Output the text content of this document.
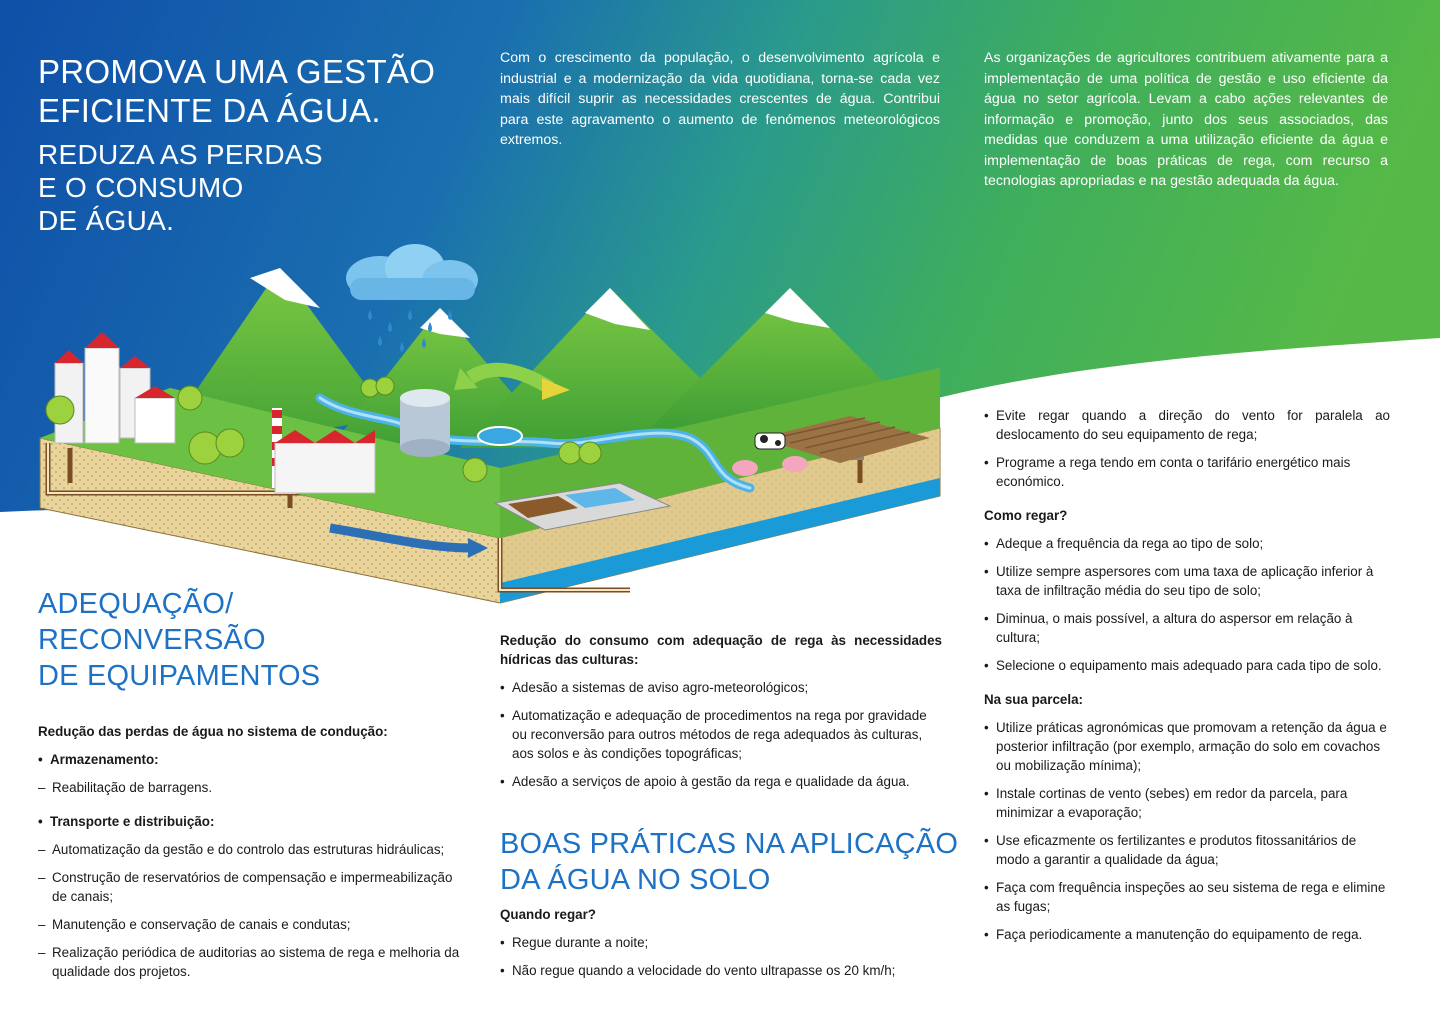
PROMOVA UMA GESTÃO
EFICIENTE DA ÁGUA.
REDUZA AS PERDAS
E O CONSUMO
DE ÁGUA.
Com o crescimento da população, o desenvolvimento agrícola e industrial e a modernização da vida quotidiana, torna-se cada vez mais difícil suprir as necessidades crescentes de água. Contribui para este agravamento o aumento de fenómenos meteorológicos extremos.
As organizações de agricultores contribuem ativamente para a implementação de uma política de gestão e uso eficiente da água no setor agrícola. Levam a cabo ações relevantes de informação e promoção, junto dos seus associados, das medidas que conduzem a uma utilização eficiente da água e implementação de boas práticas de rega, com recurso a tecnologias apropriadas e na gestão adequada da água.
ADEQUAÇÃO/
RECONVERSÃO
DE EQUIPAMENTOS
Redução das perdas de água no sistema de condução:
• Armazenamento:
– Reabilitação de barragens.
• Transporte e distribuição:
– Automatização da gestão e do controlo das estruturas hidráulicas;
– Construção de reservatórios de compensação e impermeabilização de canais;
– Manutenção e conservação de canais e condutas;
– Realização periódica de auditorias ao sistema de rega e melhoria da qualidade dos projetos.
Redução do consumo com adequação de rega às necessidades hídricas das culturas:
• Adesão a sistemas de aviso agro-meteorológicos;
• Automatização e adequação de procedimentos na rega por gravidade ou reconversão para outros métodos de rega adequados às culturas, aos solos e às condições topográficas;
• Adesão a serviços de apoio à gestão da rega e qualidade da água.
BOAS PRÁTICAS NA APLICAÇÃO
DA ÁGUA NO SOLO
Quando regar?
• Regue durante a noite;
• Não regue quando a velocidade do vento ultrapasse os 20 km/h;
• Evite regar quando a direção do vento for paralela ao deslocamento do seu equipamento de rega;
• Programe a rega tendo em conta o tarifário energético mais económico.
Como regar?
• Adeque a frequência da rega ao tipo de solo;
• Utilize sempre aspersores com uma taxa de aplicação inferior à taxa de infiltração média do seu tipo de solo;
• Diminua, o mais possível, a altura do aspersor em relação à cultura;
• Selecione o equipamento mais adequado para cada tipo de solo.
Na sua parcela:
• Utilize práticas agronómicas que promovam a retenção da água e posterior infiltração (por exemplo, armação do solo em covachos ou mobilização mínima);
• Instale cortinas de vento (sebes) em redor da parcela, para minimizar a evaporação;
• Use eficazmente os fertilizantes e produtos fitossanitários de modo a garantir a qualidade da água;
• Faça com frequência inspeções ao seu sistema de rega e elimine as fugas;
• Faça periodicamente a manutenção do equipamento de rega.
